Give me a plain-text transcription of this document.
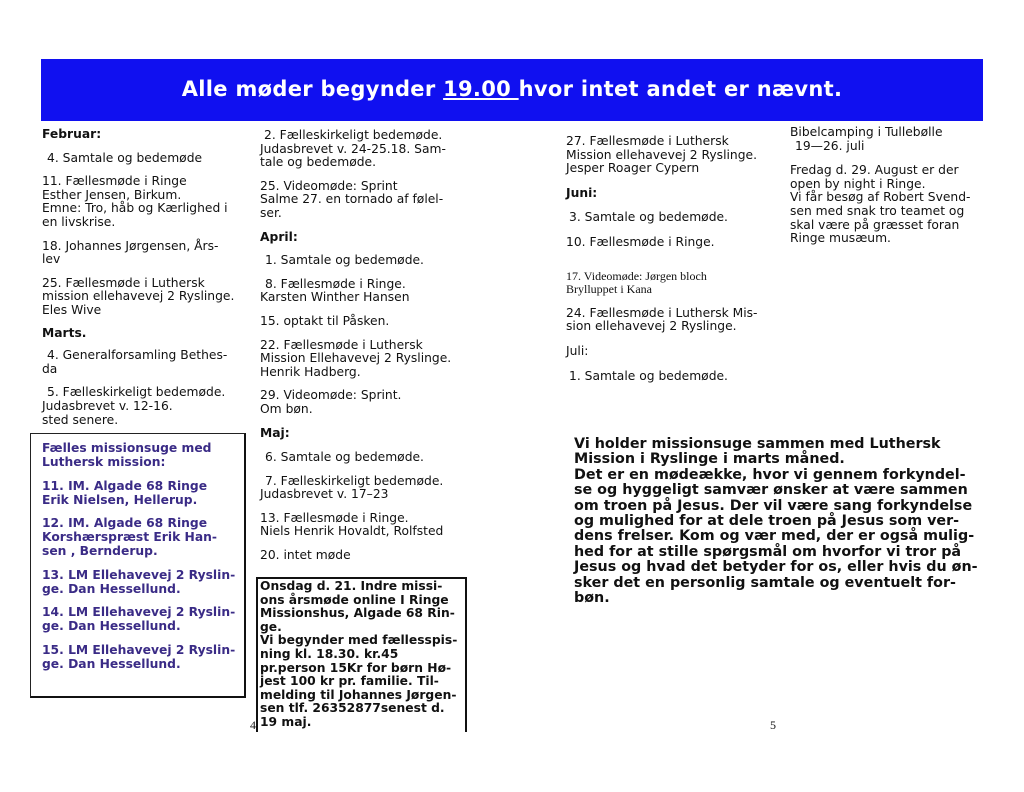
Alle møder begynder 19.00 hvor intet andet er nævnt.

Februar:

4. Samtale og bedemøde

11. Fællesmøde i Ringe

Esther Jensen, Birkum.

Emne: Tro, håb og Kærlighed i

en livskrise.

18. Johannes Jørgensen, Års-

lev

25. Fællesmøde i Luthersk

mission ellehavevej 2 Ryslinge.

Eles Wive

Marts.

4. Generalforsamling Bethes-

da

5. Fælleskirkeligt bedemøde.

Judasbrevet v. 12-16.

sted senere.

Fælles missionsuge med

Luthersk mission:

11. IM. Algade 68 Ringe

Erik Nielsen, Hellerup.

12. IM. Algade 68 Ringe

Korshærspræst Erik Han-

sen , Bernderup.

13. LM Ellehavevej 2 Ryslin-

ge. Dan Hessellund.

14. LM Ellehavevej 2 Ryslin-

ge. Dan Hessellund.

15. LM Ellehavevej 2 Ryslin-

ge. Dan Hessellund.

2. Fælleskirkeligt bedemøde.

Judasbrevet v. 24-25.18. Sam-

tale og bedemøde.

25. Videomøde: Sprint

Salme 27. en tornado af følel-

ser.

April:

1. Samtale og bedemøde.

8. Fællesmøde i Ringe.

Karsten Winther Hansen

15. optakt til Påsken.

22. Fællesmøde i Luthersk

Mission Ellehavevej 2 Ryslinge.

Henrik Hadberg.

29. Videomøde: Sprint.

Om bøn.

Maj:

6. Samtale og bedemøde.

7. Fælleskirkeligt bedemøde.

Judasbrevet v. 17–23

13. Fællesmøde i Ringe.

Niels Henrik Hovaldt, Rolfsted

20. intet møde

Onsdag d. 21. Indre missi-
ons årsmøde online I Ringe
Missionshus, Algade 68 Rin-
ge.
Vi begynder med fællesspis-
ning kl. 18.30. kr.45
pr.person 15Kr for børn Hø-
jest 100 kr pr. familie. Til-
melding til Johannes Jørgen-
sen tlf. 26352877senest d.
19 maj.

27. Fællesmøde i Luthersk

Mission ellehavevej 2 Ryslinge.

Jesper Roager Cypern

Juni:

3. Samtale og bedemøde.

10. Fællesmøde i Ringe.

17. Videomøde: Jørgen bloch

Brylluppet i Kana

24. Fællesmøde i Luthersk Mis-

sion ellehavevej 2 Ryslinge.

Juli:

1. Samtale og bedemøde.

Bibelcamping i Tullebølle

19—26. juli

Fredag d. 29. August er der

open by night i Ringe.

Vi får besøg af Robert Svend-

sen med snak tro teamet og

skal være på græsset foran

Ringe musæum.

Vi holder missionsuge sammen med Luthersk
Mission i Ryslinge i marts måned.
Det er en mødeække, hvor vi gennem forkyndel-
se og hyggeligt samvær ønsker at være sammen
om troen på Jesus. Der vil være sang forkyndelse
og mulighed for at dele troen på Jesus som ver-
dens frelser. Kom og vær med, der er også mulig-
hed for at stille spørgsmål om hvorfor vi tror på
Jesus og hvad det betyder for os, eller hvis du øn-
sker det en personlig samtale og eventuelt for-
bøn.
4	5
